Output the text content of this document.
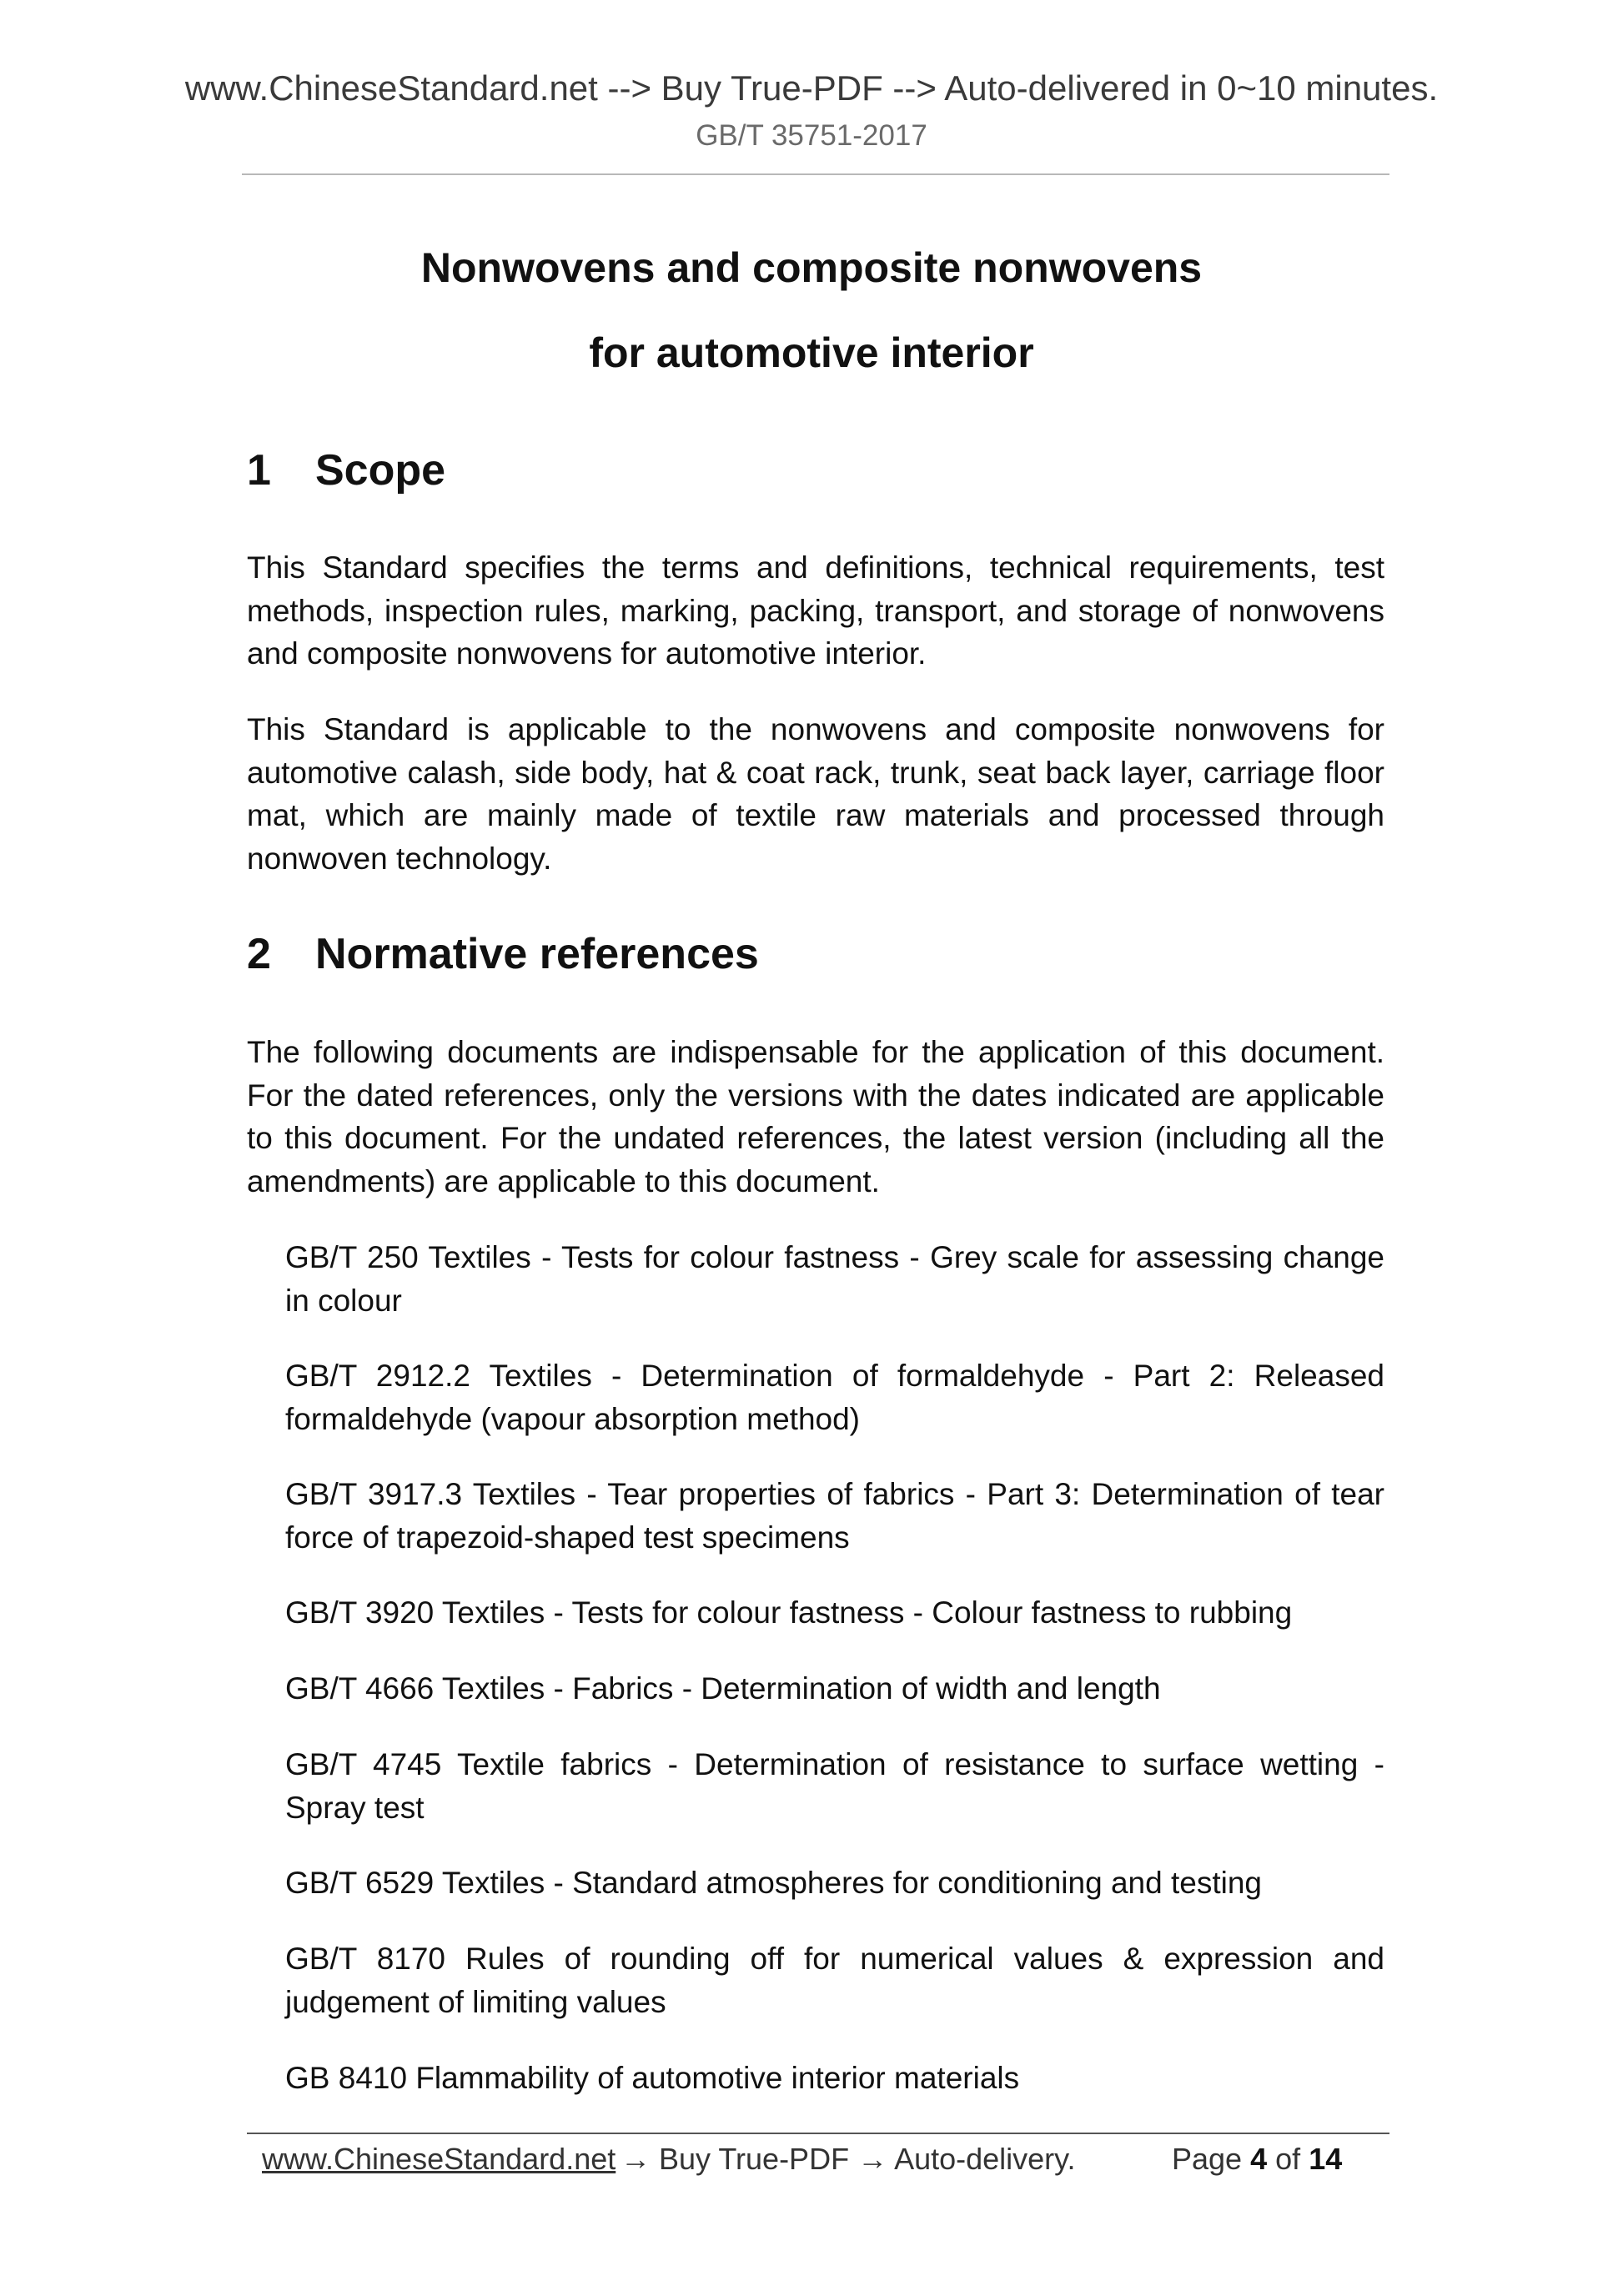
www.ChineseStandard.net --> Buy True-PDF --> Auto-delivered in 0~10 minutes.
GB/T 35751-2017
Nonwovens and composite nonwovens
for automotive interior
1 Scope
This Standard specifies the terms and definitions, technical requirements, test methods, inspection rules, marking, packing, transport, and storage of nonwovens and composite nonwovens for automotive interior.
This Standard is applicable to the nonwovens and composite nonwovens for automotive calash, side body, hat & coat rack, trunk, seat back layer, carriage floor mat, which are mainly made of textile raw materials and processed through nonwoven technology.
2 Normative references
The following documents are indispensable for the application of this document. For the dated references, only the versions with the dates indicated are applicable to this document. For the undated references, the latest version (including all the amendments) are applicable to this document.
GB/T 250 Textiles - Tests for colour fastness - Grey scale for assessing change in colour
GB/T 2912.2 Textiles - Determination of formaldehyde - Part 2: Released formaldehyde (vapour absorption method)
GB/T 3917.3 Textiles - Tear properties of fabrics - Part 3: Determination of tear force of trapezoid-shaped test specimens
GB/T 3920 Textiles - Tests for colour fastness - Colour fastness to rubbing
GB/T 4666 Textiles - Fabrics - Determination of width and length
GB/T 4745 Textile fabrics - Determination of resistance to surface wetting - Spray test
GB/T 6529 Textiles - Standard atmospheres for conditioning and testing
GB/T 8170 Rules of rounding off for numerical values & expression and judgement of limiting values
GB 8410 Flammability of automotive interior materials
www.ChineseStandard.net → Buy True-PDF → Auto-delivery.	Page 4 of 14
